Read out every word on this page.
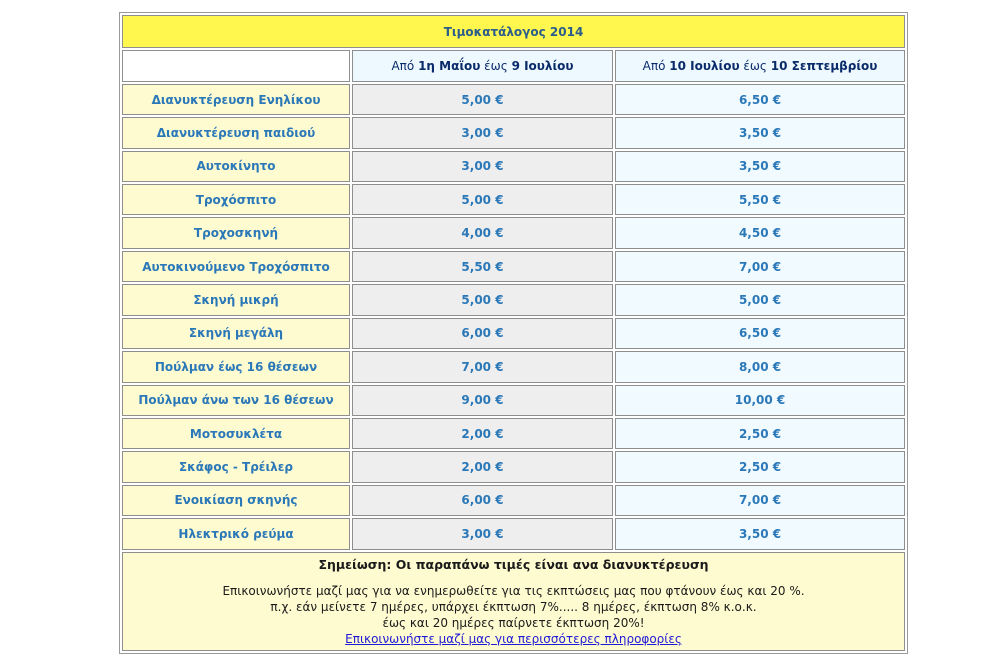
Τιμοκατάλογος 2014		
	Από 1η Μαΐου έως 9 Ιουλίου	Από 10 Ιουλίου έως 10 Σεπτεμβρίου
Διανυκτέρευση Ενηλίκου	5,00 €	6,50 €
Διανυκτέρευση παιδιού	3,00 €	3,50 €
Αυτοκίνητο	3,00 €	3,50 €
Τροχόσπιτο	5,00 €	5,50 €
Τροχοσκηνή	4,00 €	4,50 €
Αυτοκινούμενο Τροχόσπιτο	5,50 €	7,00 €
Σκηνή μικρή	5,00 €	5,00 €
Σκηνή μεγάλη	6,00 €	6,50 €
Πούλμαν έως 16 θέσεων	7,00 €	8,00 €
Πούλμαν άνω των 16 θέσεων	9,00 €	10,00 €
Μοτοσυκλέτα	2,00 €	2,50 €
Σκάφος - Τρέιλερ	2,00 €	2,50 €
Ενοικίαση σκηνής	6,00 €	7,00 €
Ηλεκτρικό ρεύμα	3,00 €	3,50 €

Σημείωση: Οι παραπάνω τιμές είναι ανα διανυκτέρευση
Επικοινωνήστε μαζί μας για να ενημερωθείτε για τις εκπτώσεις μας που φτάνουν έως και 20 %.
π.χ. εάν μείνετε 7 ημέρες, υπάρχει έκπτωση 7%..... 8 ημέρες, έκπτωση 8% κ.ο.κ.
έως και 20 ημέρες παίρνετε έκπτωση 20%!
Επικοινωνήστε μαζί μας για περισσότερες πληροφορίες		
